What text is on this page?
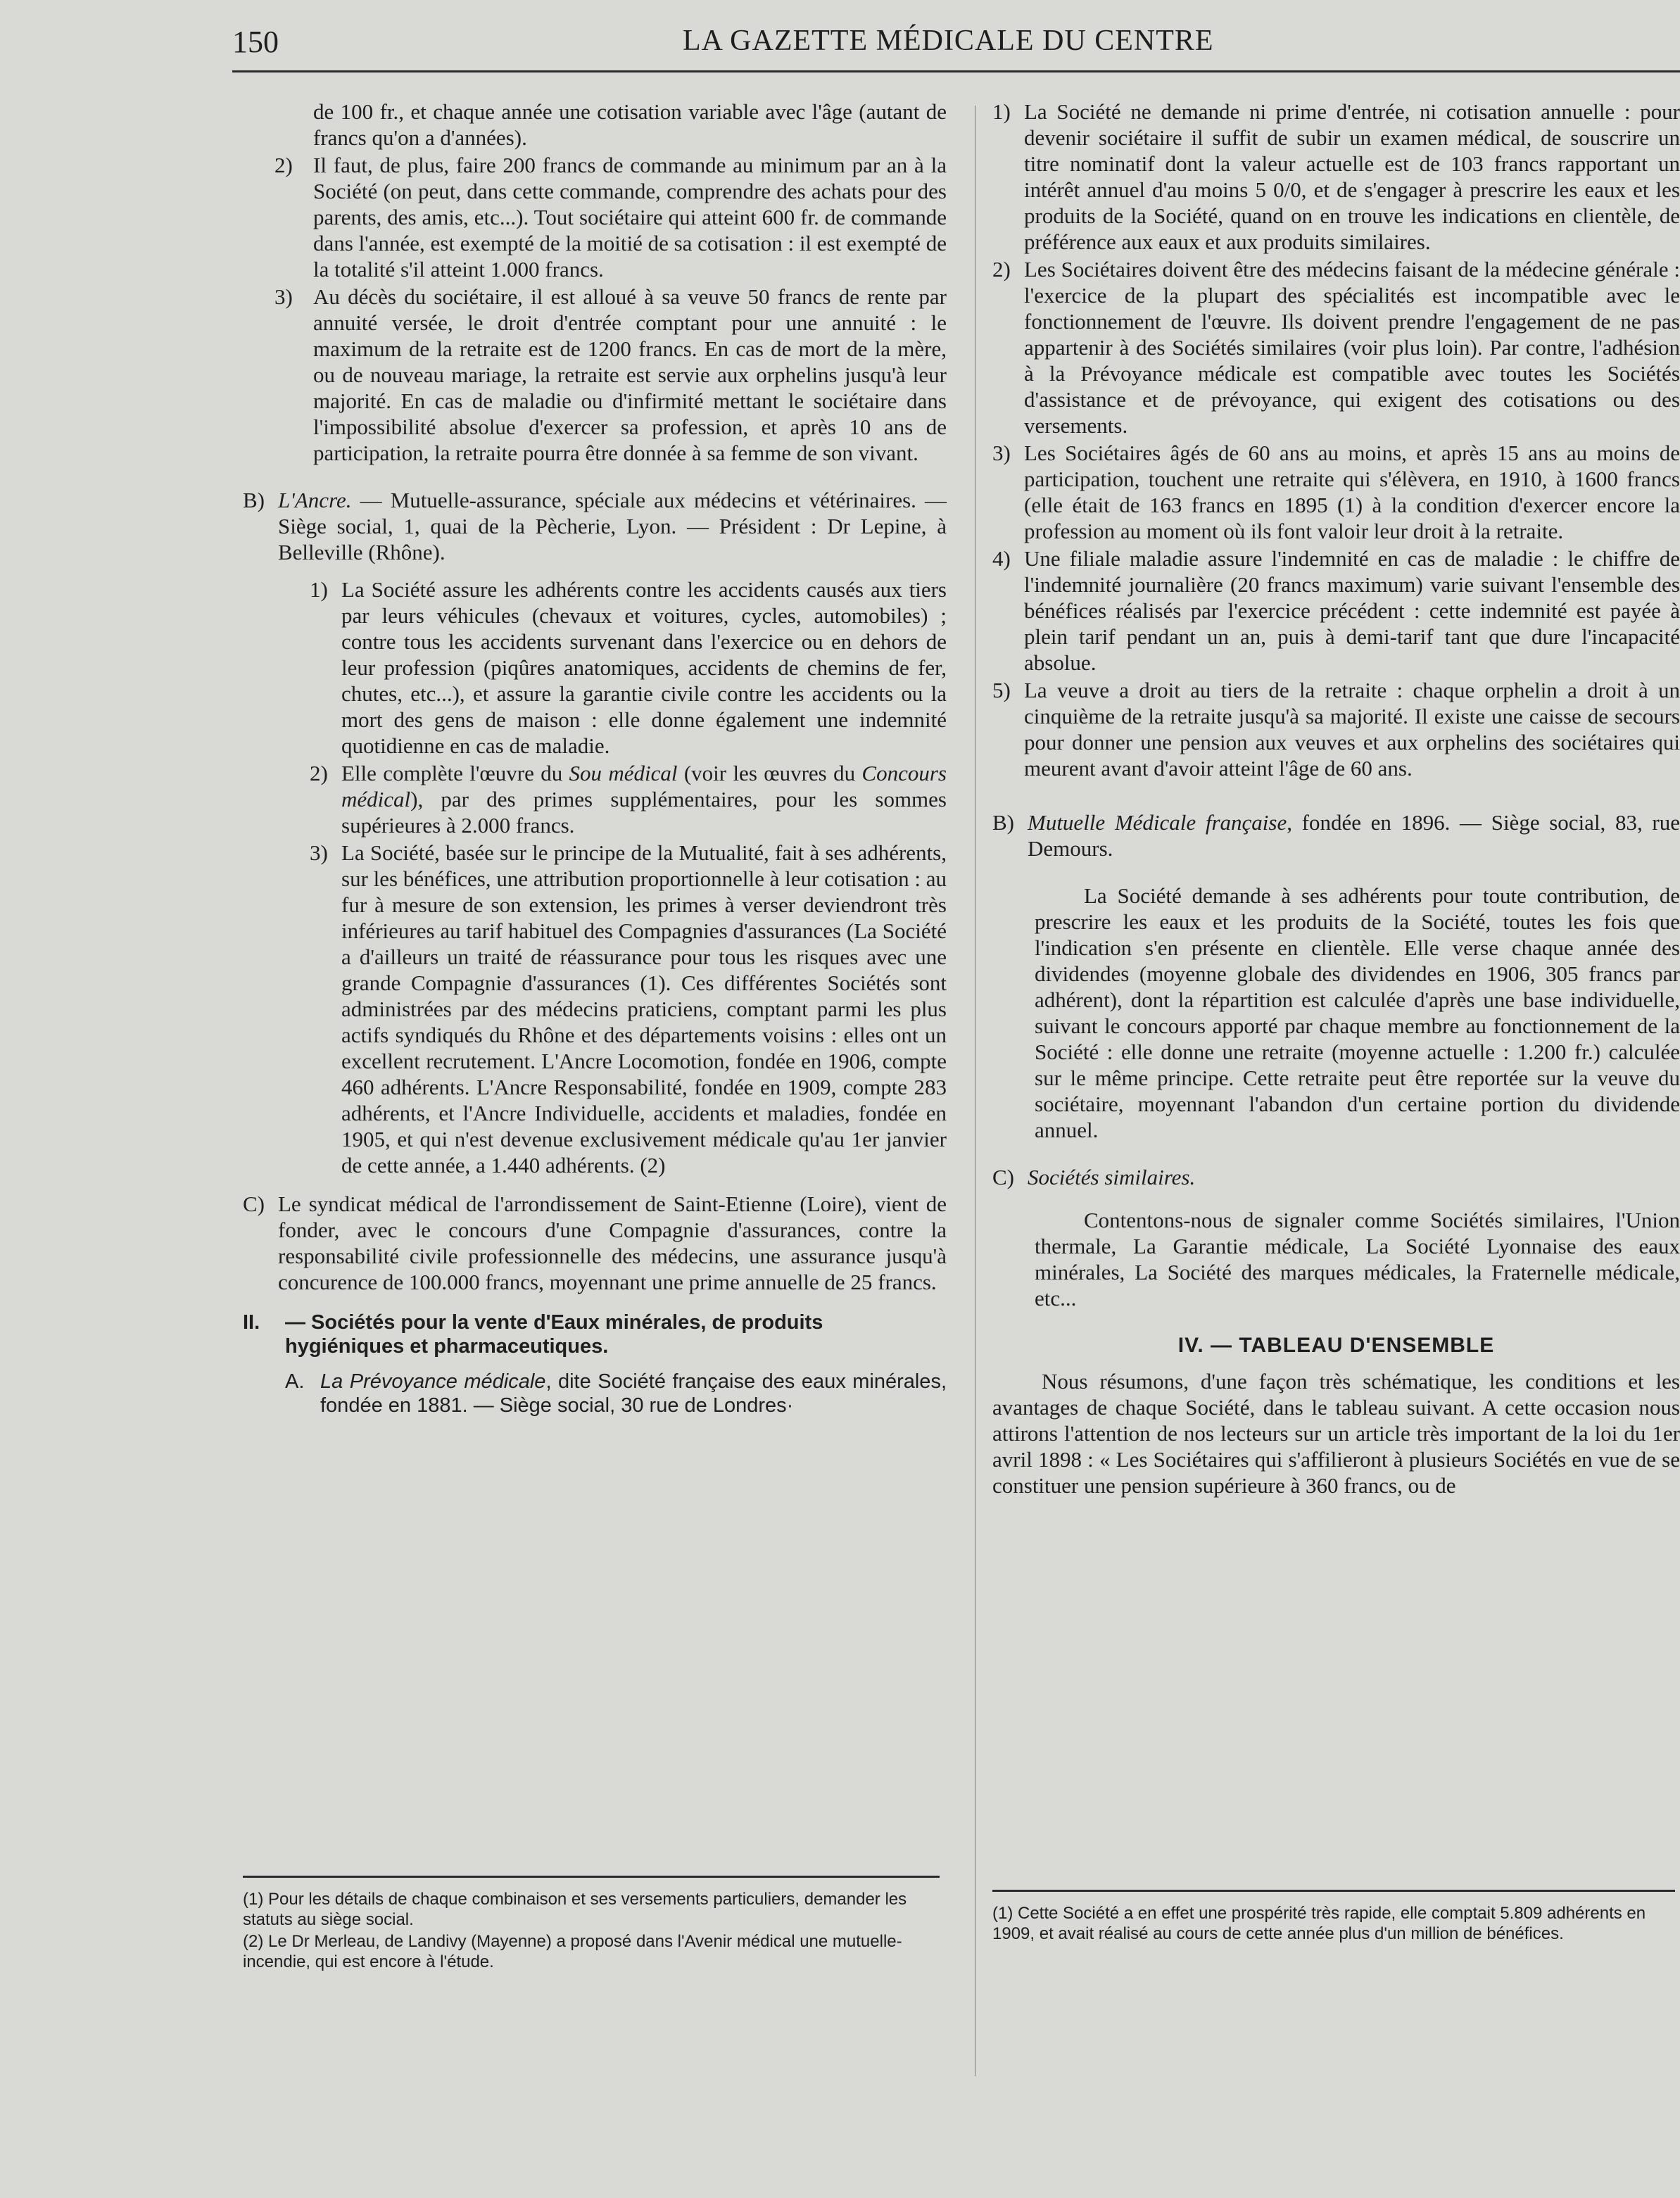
150	LA GAZETTE MÉDICALE DU CENTRE
de 100 fr., et chaque année une cotisation variable avec l'âge (autant de francs qu'on a d'années).
2) Il faut, de plus, faire 200 francs de commande au minimum par an à la Société (on peut, dans cette commande, comprendre des achats pour des parents, des amis, etc...). Tout sociétaire qui atteint 600 fr. de commande dans l'année, est exempté de la moitié de sa cotisation : il est exempté de la totalité s'il atteint 1.000 francs.
3) Au décès du sociétaire, il est alloué à sa veuve 50 francs de rente par annuité versée, le droit d'entrée comptant pour une annuité : le maximum de la retraite est de 1200 francs. En cas de mort de la mère, ou de nouveau mariage, la retraite est servie aux orphelins jusqu'à leur majorité. En cas de maladie ou d'infirmité mettant le sociétaire dans l'impossibilité absolue d'exercer sa profession, et après 10 ans de participation, la retraite pourra être donnée à sa femme de son vivant.
B) L'Ancre. — Mutuelle-assurance, spéciale aux médecins et vétérinaires. — Siège social, 1, quai de la Pècherie, Lyon. — Président : Dr Lepine, à Belleville (Rhône).
1) La Société assure les adhérents contre les accidents causés aux tiers par leurs véhicules (chevaux et voitures, cycles, automobiles) ; contre tous les accidents survenant dans l'exercice ou en dehors de leur profession (piqûres anatomiques, accidents de chemins de fer, chutes, etc...), et assure la garantie civile contre les accidents ou la mort des gens de maison : elle donne également une indemnité quotidienne en cas de maladie.
2) Elle complète l'œuvre du Sou médical (voir les œuvres du Concours médical), par des primes supplémentaires, pour les sommes supérieures à 2.000 francs.
3) La Société, basée sur le principe de la Mutualité, fait à ses adhérents, sur les bénéfices, une attribution proportionnelle à leur cotisation : au fur à mesure de son extension, les primes à verser deviendront très inférieures au tarif habituel des Compagnies d'assurances (La Société a d'ailleurs un traité de réassurance pour tous les risques avec une grande Compagnie d'assurances (1). Ces différentes Sociétés sont administrées par des médecins praticiens, comptant parmi les plus actifs syndiqués du Rhône et des départements voisins : elles ont un excellent recrutement. L'Ancre Locomotion, fondée en 1906, compte 460 adhérents. L'Ancre Responsabilité, fondée en 1909, compte 283 adhérents, et l'Ancre Individuelle, accidents et maladies, fondée en 1905, et qui n'est devenue exclusivement médicale qu'au 1er janvier de cette année, a 1.440 adhérents. (2)
C) Le syndicat médical de l'arrondissement de Saint-Etienne (Loire), vient de fonder, avec le concours d'une Compagnie d'assurances, contre la responsabilité civile professionnelle des médecins, une assurance jusqu'à concurence de 100.000 francs, moyennant une prime annuelle de 25 francs.
II. — Sociétés pour la vente d'Eaux minérales, de produits hygiéniques et pharmaceutiques.
A. La Prévoyance médicale, dite Société française des eaux minérales, fondée en 1881. — Siège social, 30 rue de Londres·
1) La Société ne demande ni prime d'entrée, ni cotisation annuelle : pour devenir sociétaire il suffit de subir un examen médical, de souscrire un titre nominatif dont la valeur actuelle est de 103 francs rapportant un intérêt annuel d'au moins 5 0/0, et de s'engager à prescrire les eaux et les produits de la Société, quand on en trouve les indications en clientèle, de préférence aux eaux et aux produits similaires.
2) Les Sociétaires doivent être des médecins faisant de la médecine générale : l'exercice de la plupart des spécialités est incompatible avec le fonctionnement de l'œuvre. Ils doivent prendre l'engagement de ne pas appartenir à des Sociétés similaires (voir plus loin). Par contre, l'adhésion à la Prévoyance médicale est compatible avec toutes les Sociétés d'assistance et de prévoyance, qui exigent des cotisations ou des versements.
3) Les Sociétaires âgés de 60 ans au moins, et après 15 ans au moins de participation, touchent une retraite qui s'élèvera, en 1910, à 1600 francs (elle était de 163 francs en 1895 (1) à la condition d'exercer encore la profession au moment où ils font valoir leur droit à la retraite.
4) Une filiale maladie assure l'indemnité en cas de maladie : le chiffre de l'indemnité journalière (20 francs maximum) varie suivant l'ensemble des bénéfices réalisés par l'exercice précédent : cette indemnité est payée à plein tarif pendant un an, puis à demi-tarif tant que dure l'incapacité absolue.
5) La veuve a droit au tiers de la retraite : chaque orphelin a droit à un cinquième de la retraite jusqu'à sa majorité. Il existe une caisse de secours pour donner une pension aux veuves et aux orphelins des sociétaires qui meurent avant d'avoir atteint l'âge de 60 ans.
B) Mutuelle Médicale française, fondée en 1896. — Siège social, 83, rue Demours.

La Société demande à ses adhérents pour toute contribution, de prescrire les eaux et les produits de la Société, toutes les fois que l'indication s'en présente en clientèle. Elle verse chaque année des dividendes (moyenne globale des dividendes en 1906, 305 francs par adhérent), dont la répartition est calculée d'après une base individuelle, suivant le concours apporté par chaque membre au fonctionnement de la Société : elle donne une retraite (moyenne actuelle : 1.200 fr.) calculée sur le même principe. Cette retraite peut être reportée sur la veuve du sociétaire, moyennant l'abandon d'un certaine portion du dividende annuel.

C) Sociétés similaires.

Contentons-nous de signaler comme Sociétés similaires, l'Union thermale, La Garantie médicale, La Société Lyonnaise des eaux minérales, La Société des marques médicales, la Fraternelle médicale, etc...

IV. — TABLEAU D'ENSEMBLE

Nous résumons, d'une façon très schématique, les conditions et les avantages de chaque Société, dans le tableau suivant. A cette occasion nous attirons l'attention de nos lecteurs sur un article très important de la loi du 1er avril 1898 : « Les Sociétaires qui s'affilieront à plusieurs Sociétés en vue de se constituer une pension supérieure à 360 francs, ou de

(1) Pour les détails de chaque combinaison et ses versements particuliers, demander les statuts au siège social.
(2) Le Dr Merleau, de Landivy (Mayenne) a proposé dans l'Avenir médical une mutuelle-incendie, qui est encore à l'étude.
(1) Cette Société a en effet une prospérité très rapide, elle comptait 5.809 adhérents en 1909, et avait réalisé au cours de cette année plus d'un million de bénéfices.
